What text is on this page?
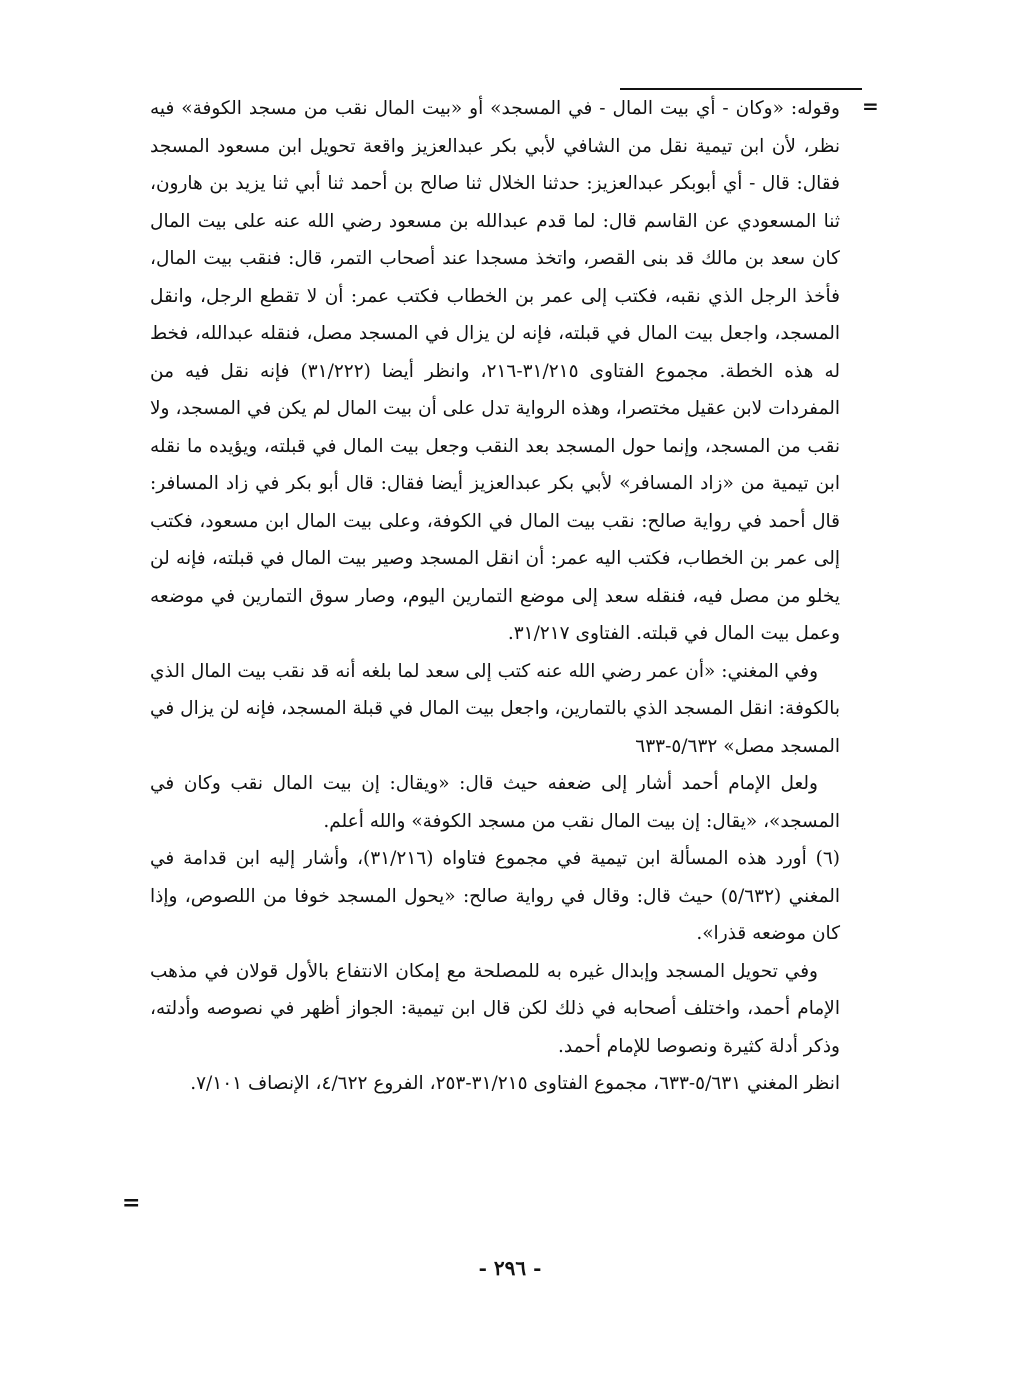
=

وقوله: «وكان - أي بيت المال - في المسجد» أو «بيت المال نقب من مسجد الكوفة» فيه نظر، لأن ابن تيمية نقل من الشافي لأبي بكر عبدالعزيز واقعة تحويل ابن مسعود المسجد فقال: قال - أي أبوبكر عبدالعزيز: حدثنا الخلال ثنا صالح بن أحمد ثنا أبي ثنا يزيد بن هارون، ثنا المسعودي عن القاسم قال: لما قدم عبدالله بن مسعود رضي الله عنه على بيت المال كان سعد بن مالك قد بنى القصر، واتخذ مسجدا عند أصحاب التمر، قال: فنقب بيت المال، فأخذ الرجل الذي نقبه، فكتب إلى عمر بن الخطاب فكتب عمر: أن لا تقطع الرجل، وانقل المسجد، واجعل بيت المال في قبلته، فإنه لن يزال في المسجد مصل، فنقله عبدالله، فخط له هذه الخطة. مجموع الفتاوى ٣١/٢١٥-٢١٦، وانظر أيضا (٣١/٢٢٢) فإنه نقل فيه من المفردات لابن عقيل مختصرا، وهذه الرواية تدل على أن بيت المال لم يكن في المسجد، ولا نقب من المسجد، وإنما حول المسجد بعد النقب وجعل بيت المال في قبلته، ويؤيده ما نقله ابن تيمية من «زاد المسافر» لأبي بكر عبدالعزيز أيضا فقال: قال أبو بكر في زاد المسافر: قال أحمد في رواية صالح: نقب بيت المال في الكوفة، وعلى بيت المال ابن مسعود، فكتب إلى عمر بن الخطاب، فكتب اليه عمر: أن انقل المسجد وصير بيت المال في قبلته، فإنه لن يخلو من مصل فيه، فنقله سعد إلى موضع التمارين اليوم، وصار سوق التمارين في موضعه وعمل بيت المال في قبلته. الفتاوى ٣١/٢١٧.

وفي المغني: «أن عمر رضي الله عنه كتب إلى سعد لما بلغه أنه قد نقب بيت المال الذي بالكوفة: انقل المسجد الذي بالتمارين، واجعل بيت المال في قبلة المسجد، فإنه لن يزال في المسجد مصل» ٥/٦٣٢-٦٣٣

ولعل الإمام أحمد أشار إلى ضعفه حيث قال: «ويقال: إن بيت المال نقب وكان في المسجد»، «يقال: إن بيت المال نقب من مسجد الكوفة» والله أعلم.

(٦) أورد هذه المسألة ابن تيمية في مجموع فتاواه (٣١/٢١٦)، وأشار إليه ابن قدامة في المغني (٥/٦٣٢) حيث قال: وقال في رواية صالح: «يحول المسجد خوفا من اللصوص، وإذا كان موضعه قذرا».

وفي تحويل المسجد وإبدال غيره به للمصلحة مع إمكان الانتفاع بالأول قولان في مذهب الإمام أحمد، واختلف أصحابه في ذلك لكن قال ابن تيمية: الجواز أظهر في نصوصه وأدلته، وذكر أدلة كثيرة ونصوصا للإمام أحمد.

انظر المغني ٥/٦٣١-٦٣٣، مجموع الفتاوى ٣١/٢١٥-٢٥٣، الفروع ٤/٦٢٢، الإنصاف ٧/١٠١.

=
- ٢٩٦ -
